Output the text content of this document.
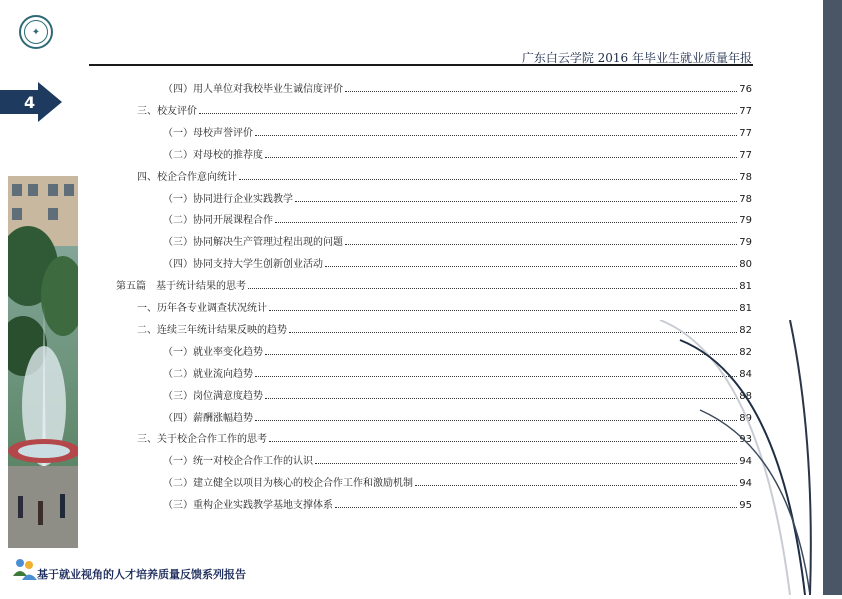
✦
广东白云学院 2016 年毕业生就业质量年报
4
（四）用人单位对我校毕业生诚信度评价	76
三、校友评价	77
（一）母校声誉评价	77
（二）对母校的推荐度	77
四、校企合作意向统计	78
（一）协同进行企业实践教学	78
（二）协同开展课程合作	79
（三）协同解决生产管理过程出现的问题	79
（四）协同支持大学生创新创业活动	80
第五篇　基于统计结果的思考	81
一、历年各专业调查状况统计	81
二、连续三年统计结果反映的趋势	82
（一）就业率变化趋势	82
（二）就业流向趋势	84
（三）岗位满意度趋势	88
（四）薪酬涨幅趋势	89
三、关于校企合作工作的思考	93
（一）统一对校企合作工作的认识	94
（二）建立健全以项目为核心的校企合作工作和激励机制	94
（三）重构企业实践教学基地支撑体系	95
基于就业视角的人才培养质量反馈系列报告
